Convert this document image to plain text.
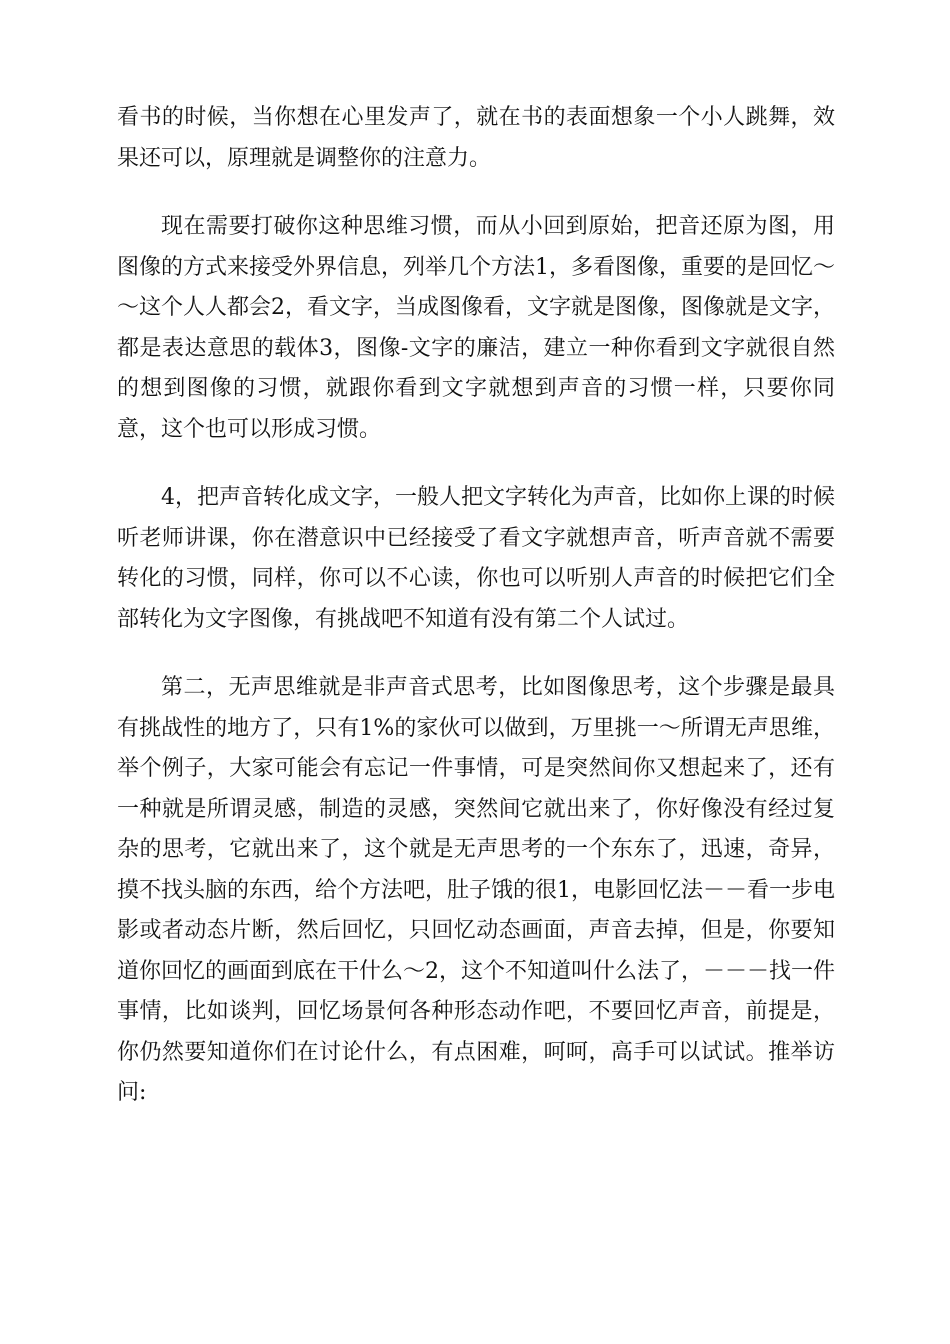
看书的时候，当你想在心里发声了，就在书的表面想象一个小人跳舞，效果还可以，原理就是调整你的注意力。

现在需要打破你这种思维习惯，而从小回到原始，把音还原为图，用图像的方式来接受外界信息，列举几个方法1，多看图像，重要的是回忆～～这个人人都会2，看文字，当成图像看，文字就是图像，图像就是文字，都是表达意思的载体3，图像-文字的廉洁，建立一种你看到文字就很自然的想到图像的习惯，就跟你看到文字就想到声音的习惯一样，只要你同意，这个也可以形成习惯。

4，把声音转化成文字，一般人把文字转化为声音，比如你上课的时候听老师讲课，你在潜意识中已经接受了看文字就想声音，听声音就不需要转化的习惯，同样，你可以不心读，你也可以听别人声音的时候把它们全部转化为文字图像，有挑战吧不知道有没有第二个人试过。

第二，无声思维就是非声音式思考，比如图像思考，这个步骤是最具有挑战性的地方了，只有1%的家伙可以做到，万里挑一～所谓无声思维，举个例子，大家可能会有忘记一件事情，可是突然间你又想起来了，还有一种就是所谓灵感，制造的灵感，突然间它就出来了，你好像没有经过复杂的思考，它就出来了，这个就是无声思考的一个东东了，迅速，奇异，摸不找头脑的东西，给个方法吧，肚子饿的很1，电影回忆法－－看一步电影或者动态片断，然后回忆，只回忆动态画面，声音去掉，但是，你要知道你回忆的画面到底在干什么～2，这个不知道叫什么法了，－－－找一件事情，比如谈判，回忆场景何各种形态动作吧，不要回忆声音，前提是，你仍然要知道你们在讨论什么，有点困难，呵呵，高手可以试试。推举访问:
